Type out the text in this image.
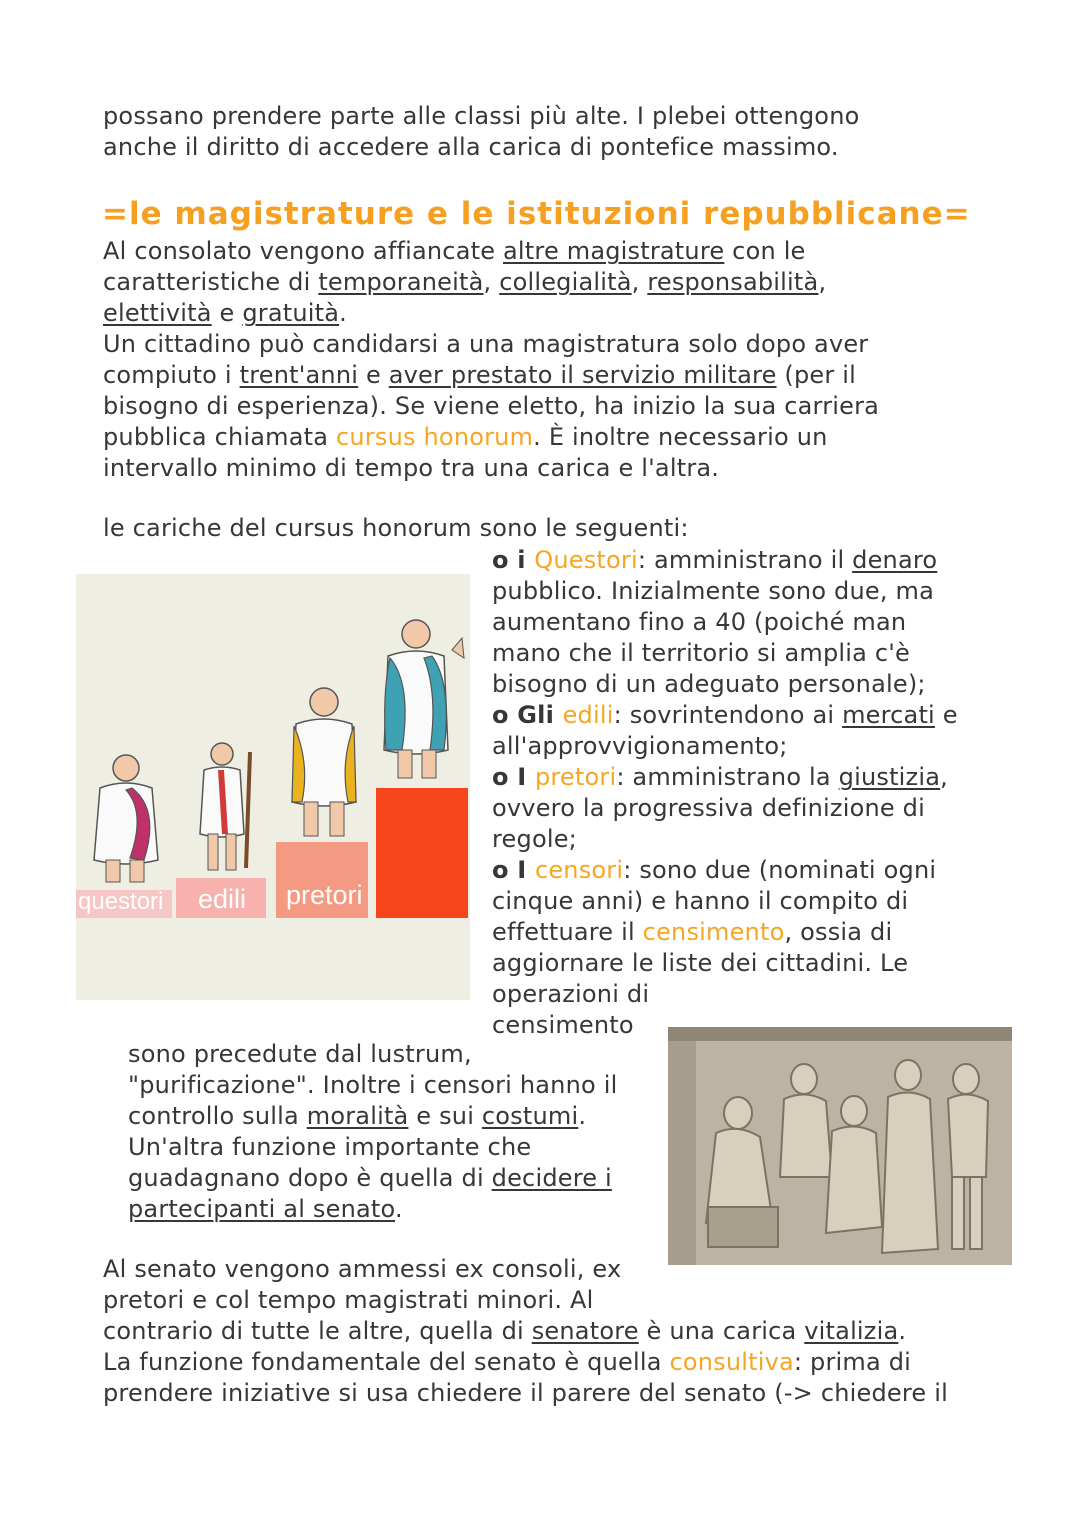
possano prendere parte alle classi più alte. I plebei ottengono
anche il diritto di accedere alla carica di pontefice massimo.
=le magistrature e le istituzioni repubblicane=
Al consolato vengono affiancate altre magistrature con le
caratteristiche di temporaneità, collegialità, responsabilità,
elettività e gratuità.
Un cittadino può candidarsi a una magistratura solo dopo aver
compiuto i trent'anni e aver prestato il servizio militare (per il
bisogno di esperienza). Se viene eletto, ha inizio la sua carriera
pubblica chiamata cursus honorum. È inoltre necessario un
intervallo minimo di tempo tra una carica e l'altra.
le cariche del cursus honorum sono le seguenti:
questori edili pretori censori
o i Questori: amministrano il denaro
pubblico. Inizialmente sono due, ma
aumentano fino a 40 (poiché man
mano che il territorio si amplia c'è
bisogno di un adeguato personale);
o Gli edili: sovrintendono ai mercati e
all'approvvigionamento;
o I pretori: amministrano la giustizia,
ovvero la progressiva definizione di
regole;
o I censori: sono due (nominati ogni
cinque anni) e hanno il compito di
effettuare il censimento, ossia di
aggiornare le liste dei cittadini. Le
operazioni di
censimento
sono precedute dal lustrum,
"purificazione". Inoltre i censori hanno il
controllo sulla moralità e sui costumi.
Un'altra funzione importante che
guadagnano dopo è quella di decidere i
partecipanti al senato.
Al senato vengono ammessi ex consoli, ex
pretori e col tempo magistrati minori. Al
contrario di tutte le altre, quella di senatore è una carica vitalizia.
La funzione fondamentale del senato è quella consultiva: prima di
prendere iniziative si usa chiedere il parere del senato (-> chiedere il
